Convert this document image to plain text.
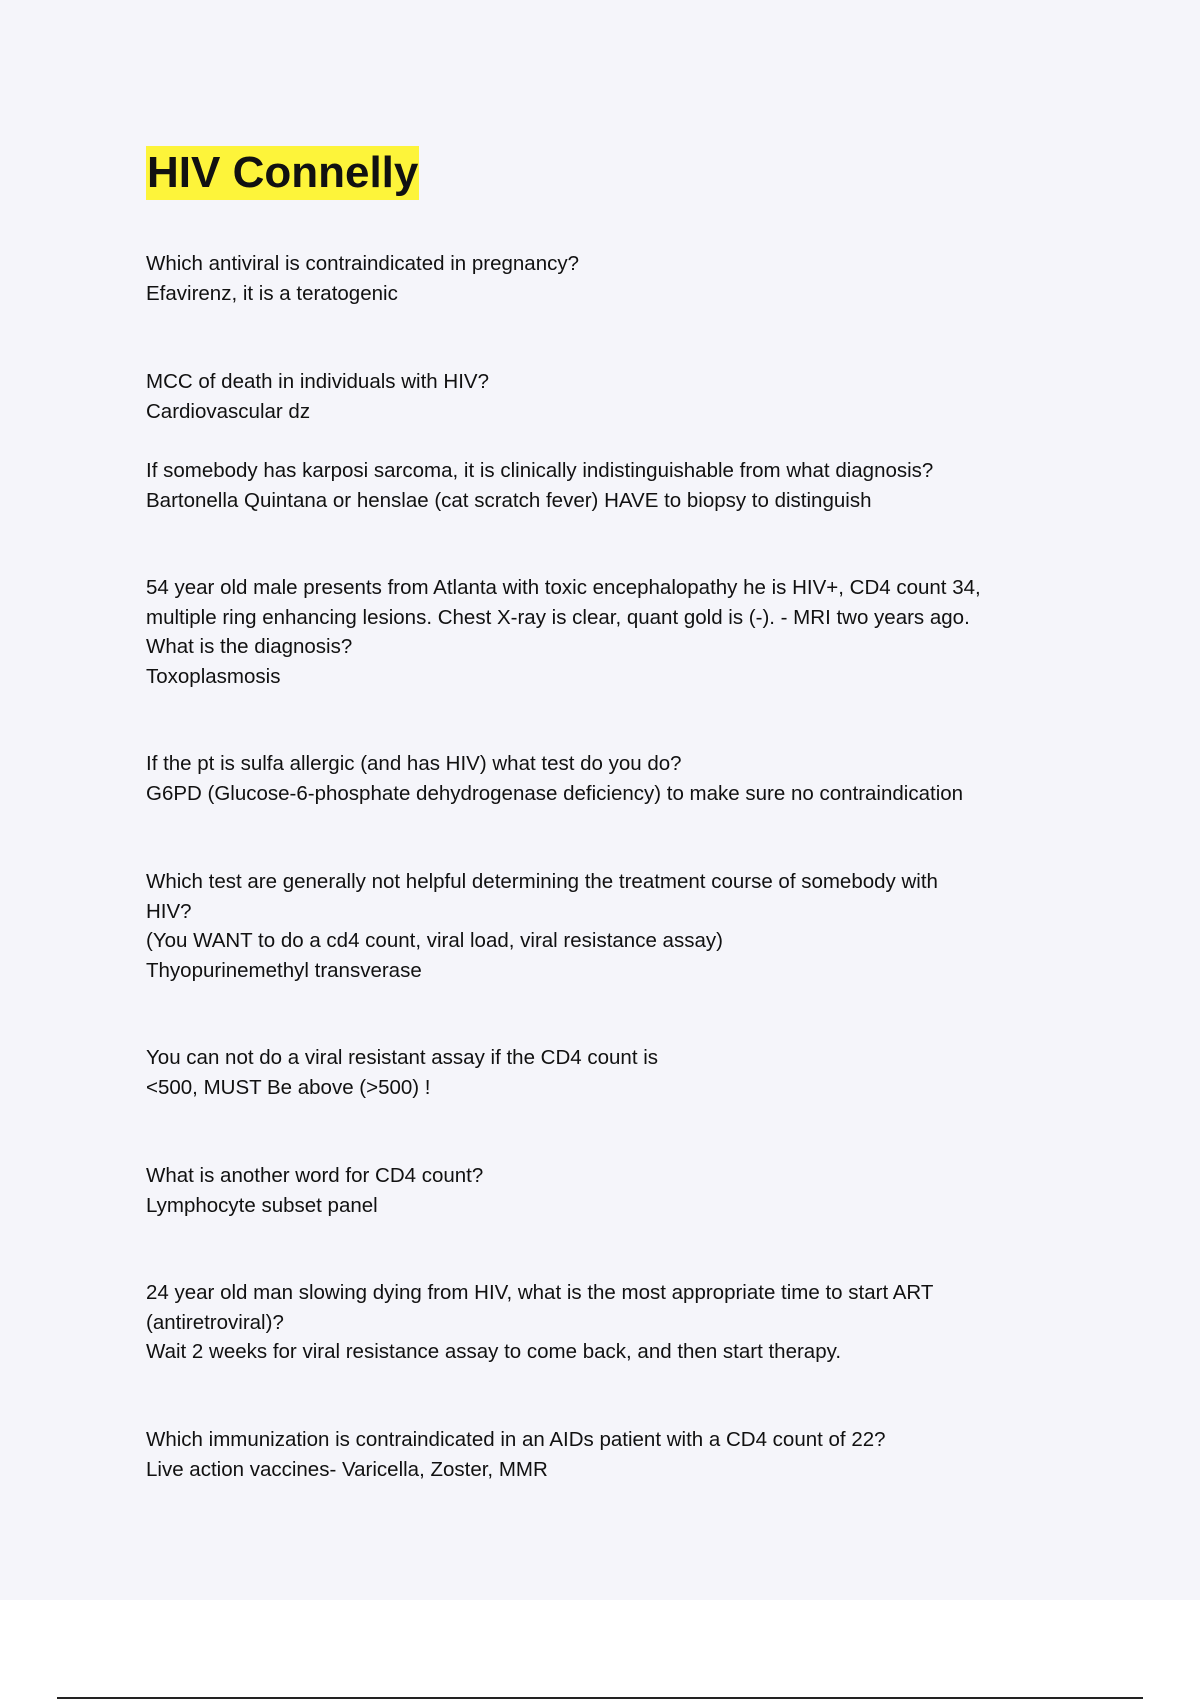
HIV Connelly
Which antiviral is contraindicated in pregnancy?
Efavirenz, it is a teratogenic
MCC of death in individuals with HIV?
Cardiovascular dz
If somebody has karposi sarcoma, it is clinically indistinguishable from what diagnosis?
Bartonella Quintana or henslae (cat scratch fever) HAVE to biopsy to distinguish
54 year old male presents from Atlanta with toxic encephalopathy he is HIV+, CD4 count 34,
multiple ring enhancing lesions. Chest X-ray is clear, quant gold is (-). - MRI two years ago.
What is the diagnosis?
Toxoplasmosis
If the pt is sulfa allergic (and has HIV) what test do you do?
G6PD (Glucose-6-phosphate dehydrogenase deficiency) to make sure no contraindication
Which test are generally not helpful determining the treatment course of somebody with
HIV?
(You WANT to do a cd4 count, viral load, viral resistance assay)
Thyopurinemethyl transverase
You can not do a viral resistant assay if the CD4 count is
<500, MUST Be above (>500) !
What is another word for CD4 count?
Lymphocyte subset panel
24 year old man slowing dying from HIV, what is the most appropriate time to start ART
(antiretroviral)?
Wait 2 weeks for viral resistance assay to come back, and then start therapy.
Which immunization is contraindicated in an AIDs patient with a CD4 count of 22?
Live action vaccines- Varicella, Zoster, MMR
